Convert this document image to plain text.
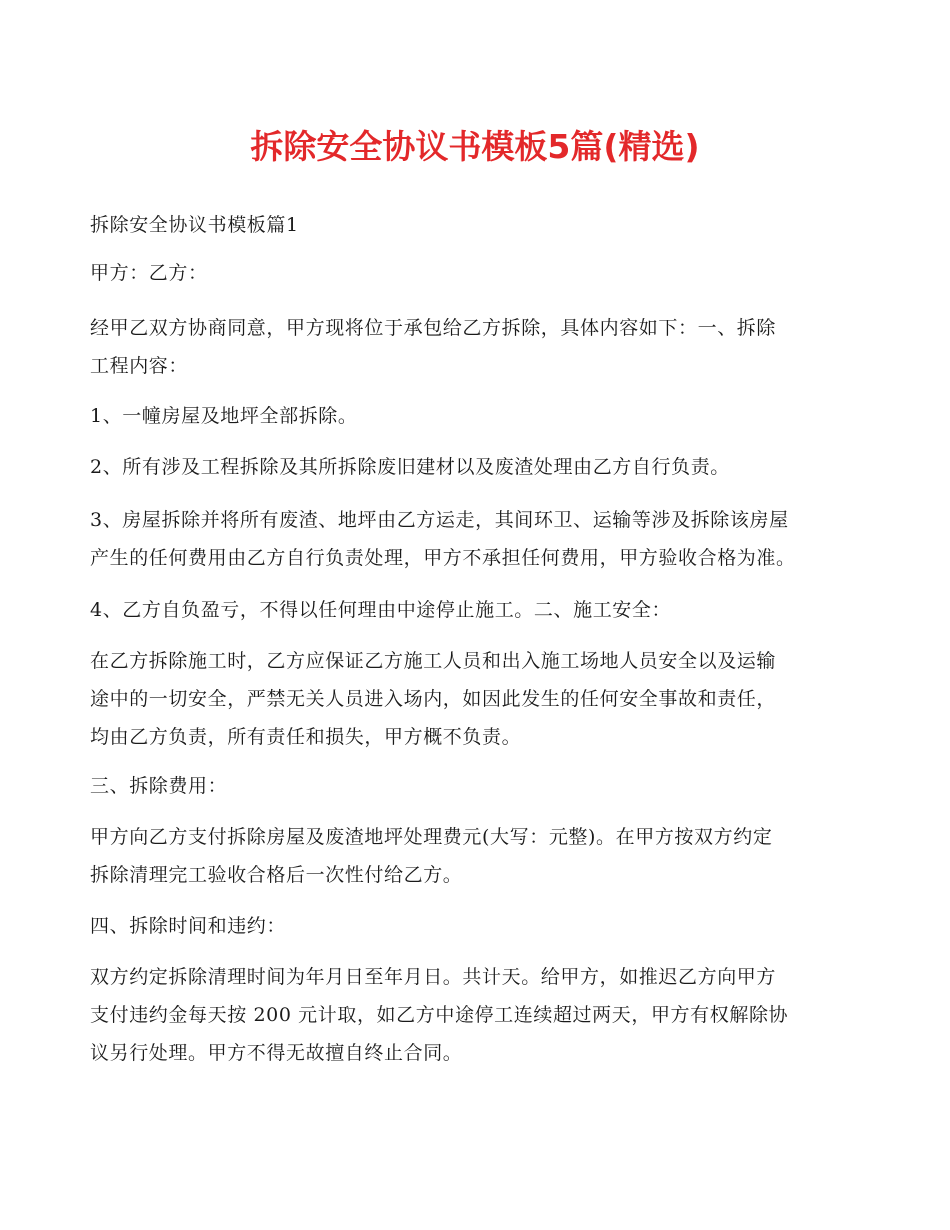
拆除安全协议书模板5篇(精选)

拆除安全协议书模板篇1

甲方：乙方：

经甲乙双方协商同意，甲方现将位于承包给乙方拆除，具体内容如下：一、拆除
工程内容：

1、一幢房屋及地坪全部拆除。

2、所有涉及工程拆除及其所拆除废旧建材以及废渣处理由乙方自行负责。

3、房屋拆除并将所有废渣、地坪由乙方运走，其间环卫、运输等涉及拆除该房屋
产生的任何费用由乙方自行负责处理，甲方不承担任何费用，甲方验收合格为准。

4、乙方自负盈亏，不得以任何理由中途停止施工。二、施工安全：

在乙方拆除施工时，乙方应保证乙方施工人员和出入施工场地人员安全以及运输
途中的一切安全，严禁无关人员进入场内，如因此发生的任何安全事故和责任，
均由乙方负责，所有责任和损失，甲方概不负责。

三、拆除费用：

甲方向乙方支付拆除房屋及废渣地坪处理费元(大写：元整)。在甲方按双方约定
拆除清理完工验收合格后一次性付给乙方。

四、拆除时间和违约：

双方约定拆除清理时间为年月日至年月日。共计天。给甲方，如推迟乙方向甲方
支付违约金每天按 200 元计取，如乙方中途停工连续超过两天，甲方有权解除协
议另行处理。甲方不得无故擅自终止合同。
